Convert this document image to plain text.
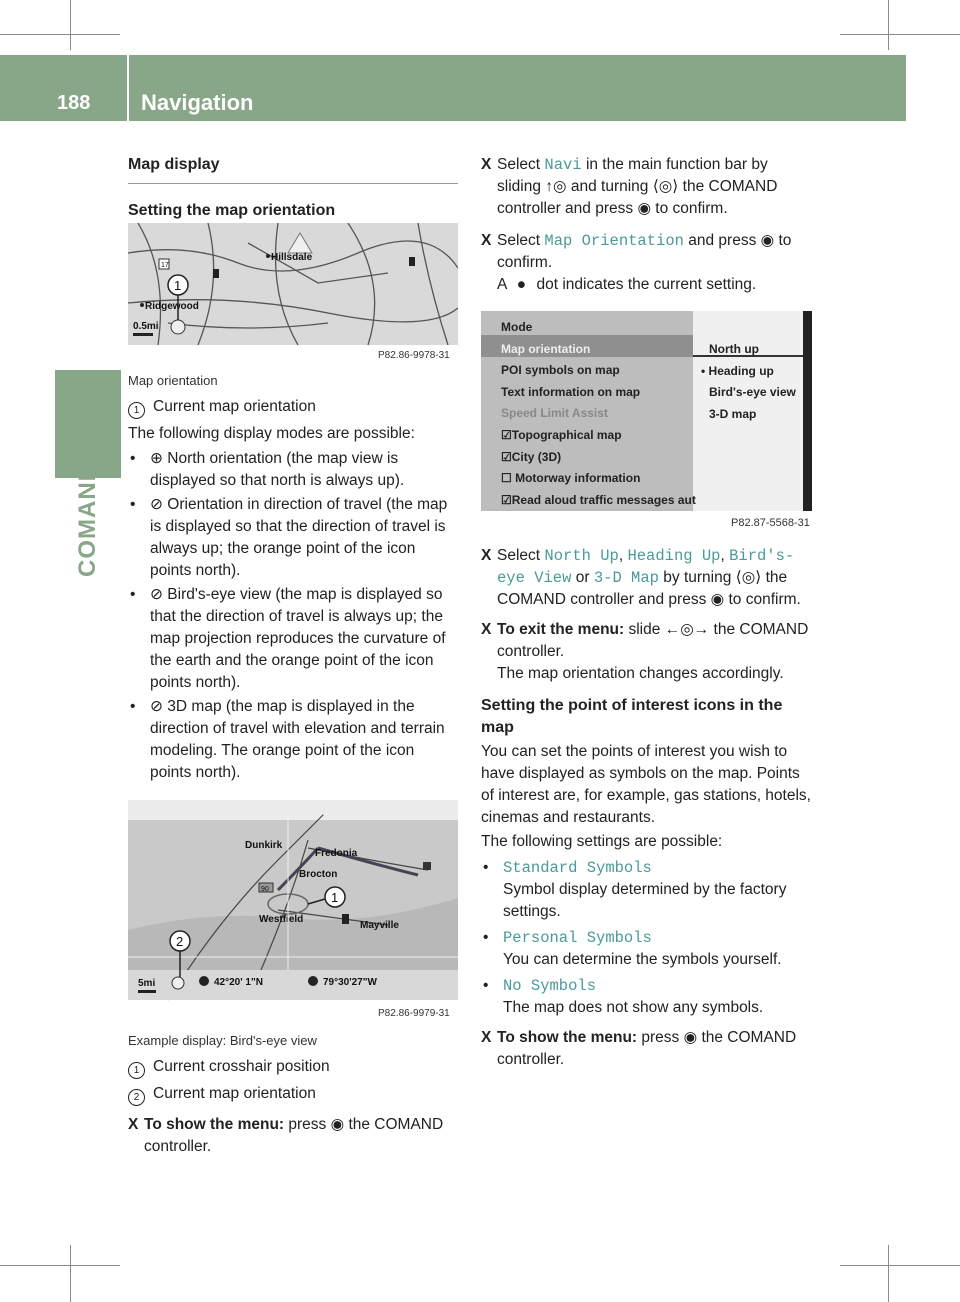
188 Navigation
COMAND
Map display
Setting the map orientation
Hillsdale
Ridgewood
17
0.5mi
1
P82.86-9978-31
Map orientation
1 Current map orientation
The following display modes are possible:
• ⊕ North orientation (the map view is displayed so that north is always up).
• ⊘ Orientation in direction of travel (the map is displayed so that the direction of travel is always up; the orange point of the icon points north).
• ⊘ Bird's-eye view (the map is displayed so that the direction of travel is always up; the map projection reproduces the curvature of the earth and the orange point of the icon points north).
• ⊘ 3D map (the map is displayed in the direction of travel with elevation and terrain modeling. The orange point of the icon points north).
90
Dunkirk
Fredonia
Brocton
Westfield
Mayville
5mi	42°20' 1"N	79°30'27"W
1
2
P82.86-9979-31
Example display: Bird's-eye view
1 Current crosshair position
2 Current map orientation
X To show the menu: press ◉ the COMAND controller.
X Select Navi in the main function bar by sliding ↑◎ and turning ⟨◎⟩ the COMAND controller and press ◉ to confirm.
X Select Map Orientation and press ◉ to confirm.
A ● dot indicates the current setting.
Mode
Map orientation
POI symbols on map
Text information on map
Speed Limit Assist
☑Topographical map
☑City (3D)
☐ Motorway information
☑Read aloud traffic messages aut
North up
• Heading up
Bird's-eye view
3-D map
P82.87-5568-31
X Select North Up, Heading Up, Bird's-
eye View or 3-D Map by turning ⟨◎⟩ the COMAND controller and press ◉ to confirm.
X To exit the menu: slide ←◎→ the COMAND controller.
The map orientation changes accordingly.
Setting the point of interest icons in the map
You can set the points of interest you wish to have displayed as symbols on the map. Points of interest are, for example, gas stations, hotels, cinemas and restaurants.
The following settings are possible:
• Standard Symbols
Symbol display determined by the factory settings.
• Personal Symbols
You can determine the symbols yourself.
• No Symbols
The map does not show any symbols.
X To show the menu: press ◉ the COMAND controller.
